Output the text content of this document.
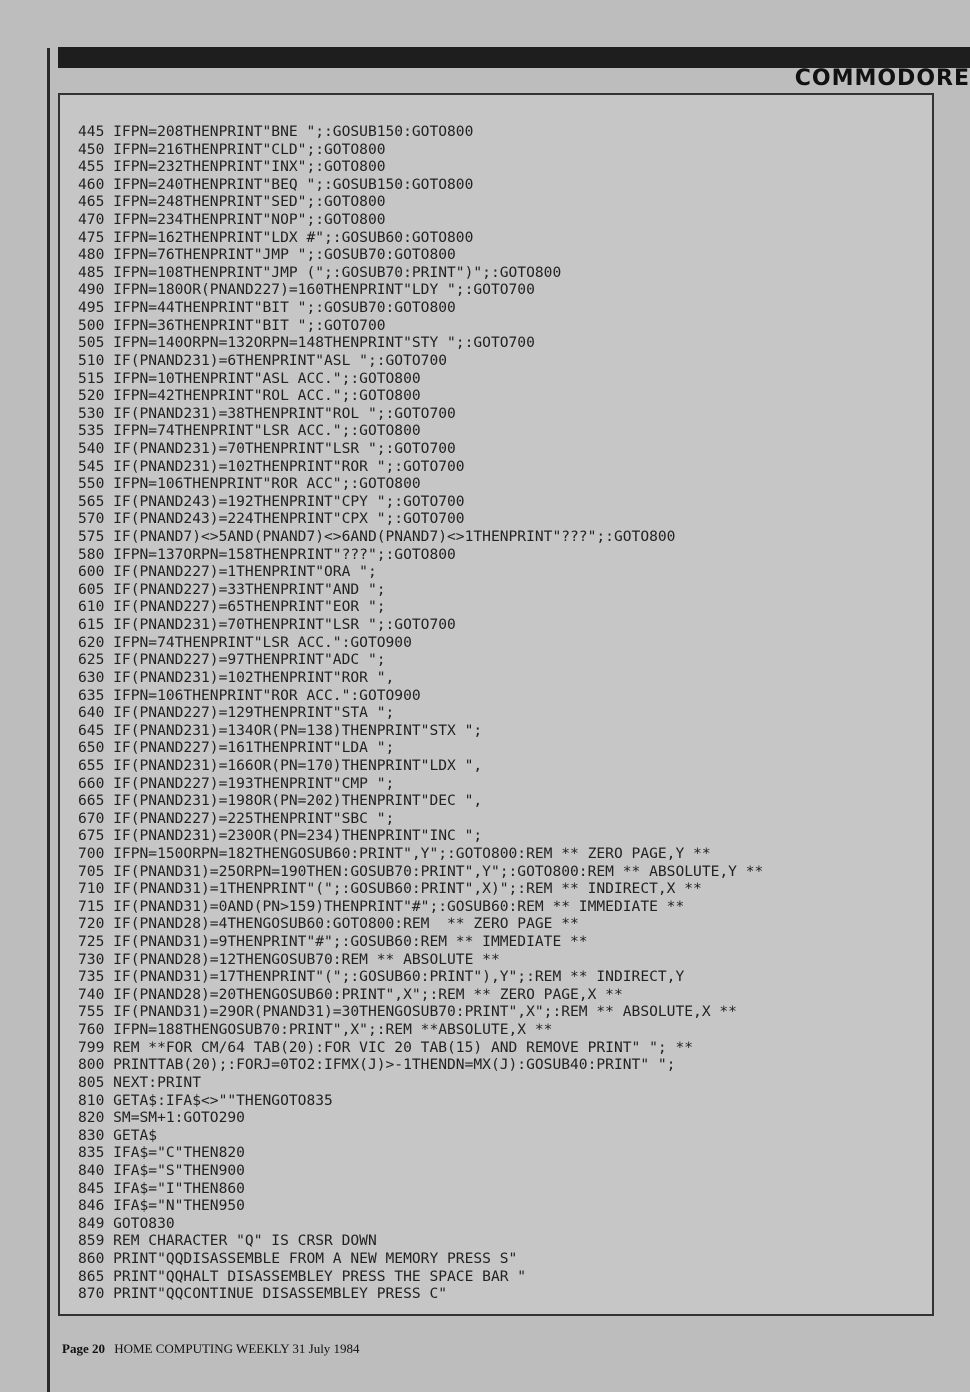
COMMODORE
445 IFPN=208THENPRINT"BNE ";:GOSUB150:GOTO800
450 IFPN=216THENPRINT"CLD";:GOTO800
455 IFPN=232THENPRINT"INX";:GOTO800
460 IFPN=240THENPRINT"BEQ ";:GOSUB150:GOTO800
465 IFPN=248THENPRINT"SED";:GOTO800
470 IFPN=234THENPRINT"NOP";:GOTO800
475 IFPN=162THENPRINT"LDX #";:GOSUB60:GOTO800
480 IFPN=76THENPRINT"JMP ";:GOSUB70:GOTO800
485 IFPN=108THENPRINT"JMP (";:GOSUB70:PRINT")";:GOTO800
490 IFPN=180OR(PNAND227)=160THENPRINT"LDY ";:GOTO700
495 IFPN=44THENPRINT"BIT ";:GOSUB70:GOTO800
500 IFPN=36THENPRINT"BIT ";:GOTO700
505 IFPN=140ORPN=132ORPN=148THENPRINT"STY ";:GOTO700
510 IF(PNAND231)=6THENPRINT"ASL ";:GOTO700
515 IFPN=10THENPRINT"ASL ACC.";:GOTO800
520 IFPN=42THENPRINT"ROL ACC.";:GOTO800
530 IF(PNAND231)=38THENPRINT"ROL ";:GOTO700
535 IFPN=74THENPRINT"LSR ACC.";:GOTO800
540 IF(PNAND231)=70THENPRINT"LSR ";:GOTO700
545 IF(PNAND231)=102THENPRINT"ROR ";:GOTO700
550 IFPN=106THENPRINT"ROR ACC";:GOTO800
565 IF(PNAND243)=192THENPRINT"CPY ";:GOTO700
570 IF(PNAND243)=224THENPRINT"CPX ";:GOTO700
575 IF(PNAND7)<>5AND(PNAND7)<>6AND(PNAND7)<>1THENPRINT"???";:GOTO800
580 IFPN=137ORPN=158THENPRINT"???";:GOTO800
600 IF(PNAND227)=1THENPRINT"ORA ";
605 IF(PNAND227)=33THENPRINT"AND ";
610 IF(PNAND227)=65THENPRINT"EOR ";
615 IF(PNAND231)=70THENPRINT"LSR ";:GOTO700
620 IFPN=74THENPRINT"LSR ACC.":GOTO900
625 IF(PNAND227)=97THENPRINT"ADC ";
630 IF(PNAND231)=102THENPRINT"ROR ",
635 IFPN=106THENPRINT"ROR ACC.":GOTO900
640 IF(PNAND227)=129THENPRINT"STA ";
645 IF(PNAND231)=134OR(PN=138)THENPRINT"STX ";
650 IF(PNAND227)=161THENPRINT"LDA ";
655 IF(PNAND231)=166OR(PN=170)THENPRINT"LDX ",
660 IF(PNAND227)=193THENPRINT"CMP ";
665 IF(PNAND231)=198OR(PN=202)THENPRINT"DEC ",
670 IF(PNAND227)=225THENPRINT"SBC ";
675 IF(PNAND231)=230OR(PN=234)THENPRINT"INC ";
700 IFPN=150ORPN=182THENGOSUB60:PRINT",Y";:GOTO800:REM ** ZERO PAGE,Y **
705 IF(PNAND31)=25ORPN=190THEN:GOSUB70:PRINT",Y";:GOTO800:REM ** ABSOLUTE,Y **
710 IF(PNAND31)=1THENPRINT"(";:GOSUB60:PRINT",X)";:REM ** INDIRECT,X **
715 IF(PNAND31)=0AND(PN>159)THENPRINT"#";:GOSUB60:REM ** IMMEDIATE **
720 IF(PNAND28)=4THENGOSUB60:GOTO800:REM  ** ZERO PAGE **
725 IF(PNAND31)=9THENPRINT"#";:GOSUB60:REM ** IMMEDIATE **
730 IF(PNAND28)=12THENGOSUB70:REM ** ABSOLUTE **
735 IF(PNAND31)=17THENPRINT"(";:GOSUB60:PRINT"),Y";:REM ** INDIRECT,Y
740 IF(PNAND28)=20THENGOSUB60:PRINT",X";:REM ** ZERO PAGE,X **
755 IF(PNAND31)=29OR(PNAND31)=30THENGOSUB70:PRINT",X";:REM ** ABSOLUTE,X **
760 IFPN=188THENGOSUB70:PRINT",X";:REM **ABSOLUTE,X **
799 REM **FOR CM/64 TAB(20):FOR VIC 20 TAB(15) AND REMOVE PRINT" "; **
800 PRINTTAB(20);:FORJ=0TO2:IFMX(J)>-1THENDN=MX(J):GOSUB40:PRINT" ";
805 NEXT:PRINT
810 GETA$:IFA$<>""THENGOTO835
820 SM=SM+1:GOTO290
830 GETA$
835 IFA$="C"THEN820
840 IFA$="S"THEN900
845 IFA$="I"THEN860
846 IFA$="N"THEN950
849 GOTO830
859 REM CHARACTER "Q" IS CRSR DOWN
860 PRINT"QQDISASSEMBLE FROM A NEW MEMORY PRESS S"
865 PRINT"QQHALT DISASSEMBLEY PRESS THE SPACE BAR "
870 PRINT"QQCONTINUE DISASSEMBLEY PRESS C"
Page 20 HOME COMPUTING WEEKLY 31 July 1984
